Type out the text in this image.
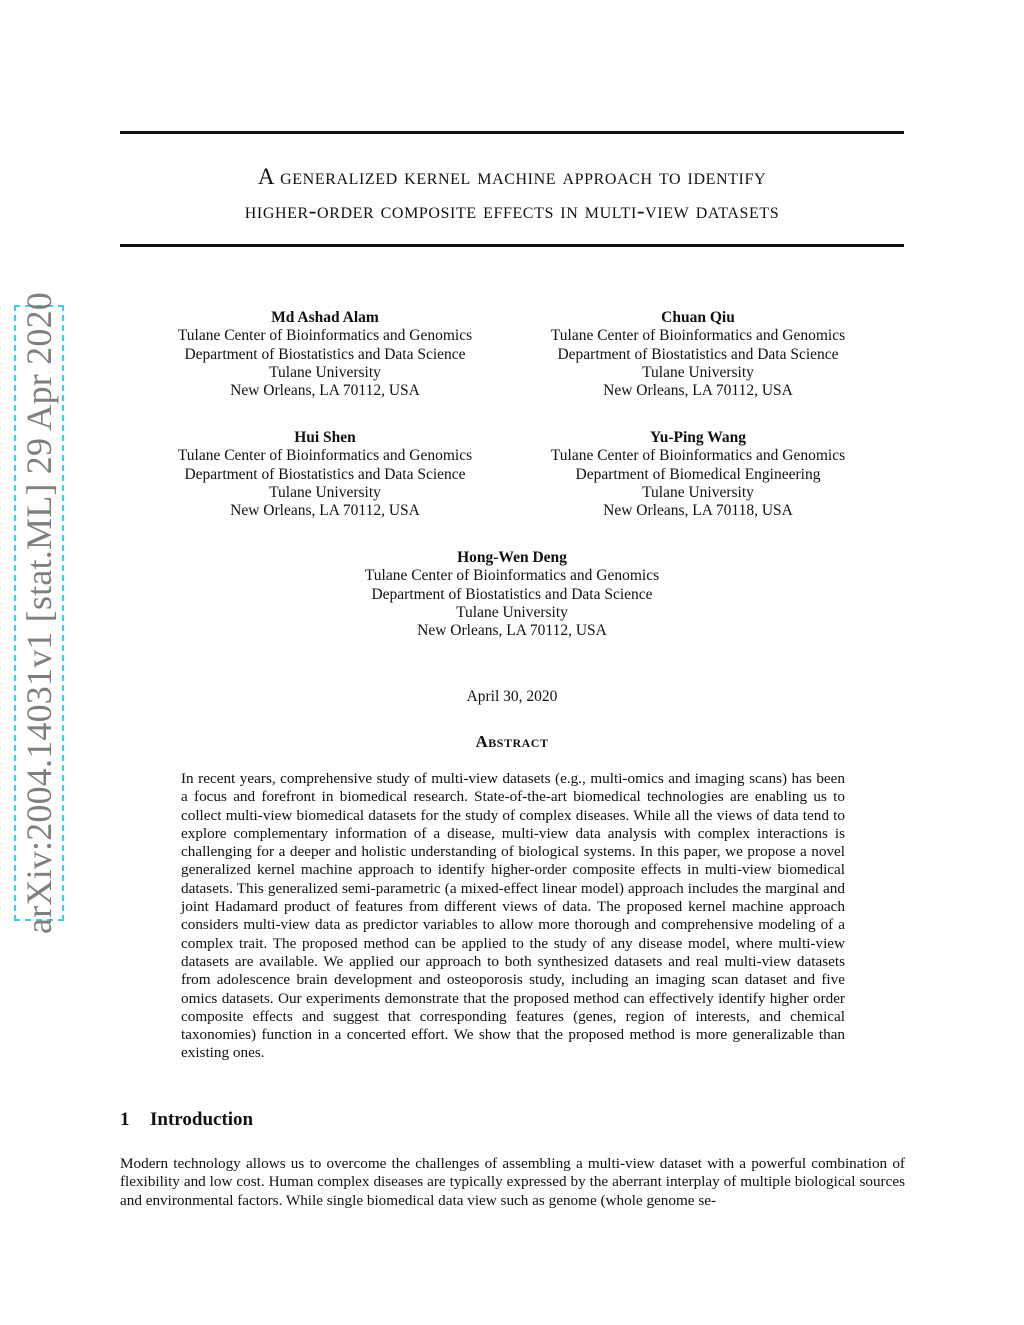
A generalized kernel machine approach to identify
higher-order composite effects in multi-view datasets
arXiv:2004.14031v1 [stat.ML] 29 Apr 2020	Md Ashad Alam
Tulane Center of Bioinformatics and Genomics
Department of Biostatistics and Data Science
Tulane University
New Orleans, LA 70112, USA
Chuan Qiu
Tulane Center of Bioinformatics and Genomics
Department of Biostatistics and Data Science
Tulane University
New Orleans, LA 70112, USA
Hui Shen
Tulane Center of Bioinformatics and Genomics
Department of Biostatistics and Data Science
Tulane University
New Orleans, LA 70112, USA
Yu-Ping Wang
Tulane Center of Bioinformatics and Genomics
Department of Biomedical Engineering
Tulane University
New Orleans, LA 70118, USA
Hong-Wen Deng
Tulane Center of Bioinformatics and Genomics
Department of Biostatistics and Data Science
Tulane University
New Orleans, LA 70112, USA
April 30, 2020
Abstract
In recent years, comprehensive study of multi-view datasets (e.g., multi-omics and imaging scans) has been a focus and forefront in biomedical research. State-of-the-art biomedical technologies are enabling us to collect multi-view biomedical datasets for the study of complex diseases. While all the views of data tend to explore complementary information of a disease, multi-view data analysis with complex interactions is challenging for a deeper and holistic understanding of biological systems. In this paper, we propose a novel generalized kernel machine approach to identify higher-order composite effects in multi-view biomedical datasets. This generalized semi-parametric (a mixed-effect linear model) approach includes the marginal and joint Hadamard product of features from different views of data. The proposed kernel machine approach considers multi-view data as predictor variables to allow more thorough and comprehensive modeling of a complex trait. The proposed method can be applied to the study of any disease model, where multi-view datasets are available. We applied our approach to both synthesized datasets and real multi-view datasets from adolescence brain development and osteoporosis study, including an imaging scan dataset and five omics datasets. Our experiments demonstrate that the proposed method can effectively identify higher order composite effects and suggest that corresponding features (genes, region of interests, and chemical taxonomies) function in a concerted effort. We show that the proposed method is more generalizable than existing ones.
1 Introduction
Modern technology allows us to overcome the challenges of assembling a multi-view dataset with a powerful combination of flexibility and low cost. Human complex diseases are typically expressed by the aberrant interplay of multiple biological sources and environmental factors. While single biomedical data view such as genome (whole genome se-
